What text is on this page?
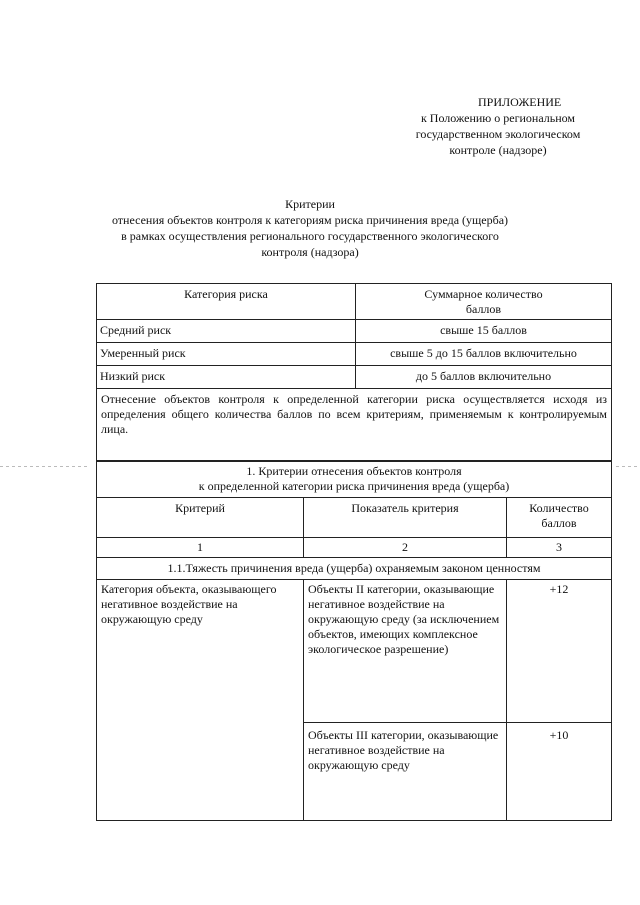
ПРИЛОЖЕНИЕ
к Положению о региональном
государственном экологическом
контроле (надзоре)
Критерии
отнесения объектов контроля к категориям риска причинения вреда (ущерба)
в рамках осуществления регионального государственного экологического
контроля (надзора)
Категория риска	Суммарное количество
баллов

Средний риск	свыше 15 баллов
Умеренный риск	свыше 5 до 15 баллов включительно
Низкий риск	до 5 баллов включительно
Отнесение объектов контроля к определенной категории риска осуществляется исходя из определения общего количества баллов по всем критериям, применяемым к контролируемым лица.	
1. Критерии отнесения объектов контроля
к определенной категории риска причинения вреда (ущерба)		

Критерий	Показатель критерия	Количество
баллов

1	2	3
1.1.Тяжесть причинения вреда (ущерба) охраняемым законом ценностям		
Категория объекта, оказывающего негативное воздействие на окружающую среду	Объекты II категории, оказывающие негативное воздействие на окружающую среду (за исключением объектов, имеющих комплексное экологическое разрешение)	+12
	Объекты III категории, оказывающие негативное воздействие на окружающую среду	+10
